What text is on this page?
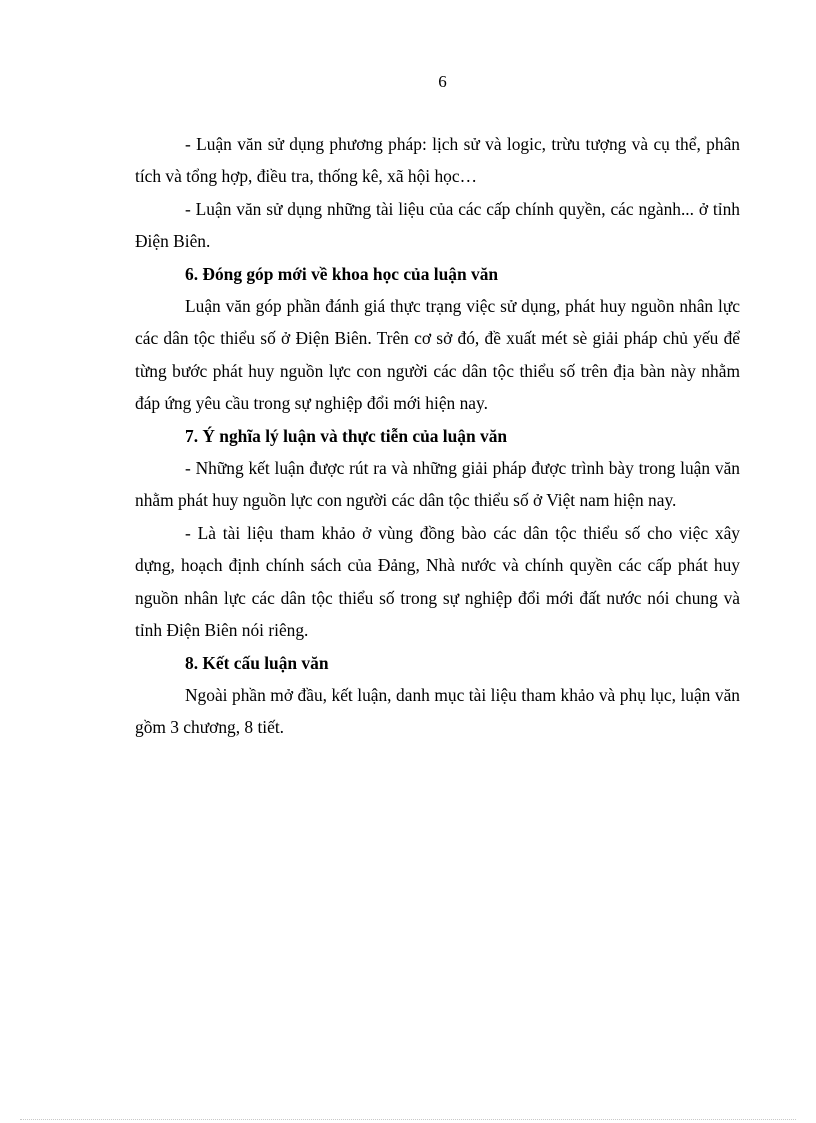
6

- Luận văn sử dụng phương pháp: lịch sử và logic, trừu tượng và cụ thể, phân tích và tổng hợp, điều tra, thống kê, xã hội học…

- Luận văn sử dụng những tài liệu của các cấp chính quyền, các ngành... ở tỉnh Điện Biên.

6. Đóng góp mới về khoa học của luận văn

Luận văn góp phần đánh giá thực trạng việc sử dụng, phát huy nguồn nhân lực các dân tộc thiểu số ở Điện Biên. Trên cơ sở đó, đề xuất mét sè giải pháp chủ yếu để từng bước phát huy nguồn lực con người các dân tộc thiểu số trên địa bàn này nhằm đáp ứng yêu cầu trong sự nghiệp đổi mới hiện nay.

7. Ý nghĩa lý luận và thực tiễn của luận văn

- Những kết luận được rút ra và những giải pháp được trình bày trong luận văn nhằm phát huy nguồn lực con người các dân tộc thiểu số ở Việt nam hiện nay.

- Là tài liệu tham khảo ở vùng đồng bào các dân tộc thiểu số cho việc xây dựng, hoạch định chính sách của Đảng, Nhà nước và chính quyền các cấp phát huy nguồn nhân lực các dân tộc thiểu số trong sự nghiệp đổi mới đất nước nói chung và tỉnh Điện Biên nói riêng.

8. Kết cấu luận văn

Ngoài phần mở đầu, kết luận, danh mục tài liệu tham khảo và phụ lục, luận văn gồm 3 chương, 8 tiết.
